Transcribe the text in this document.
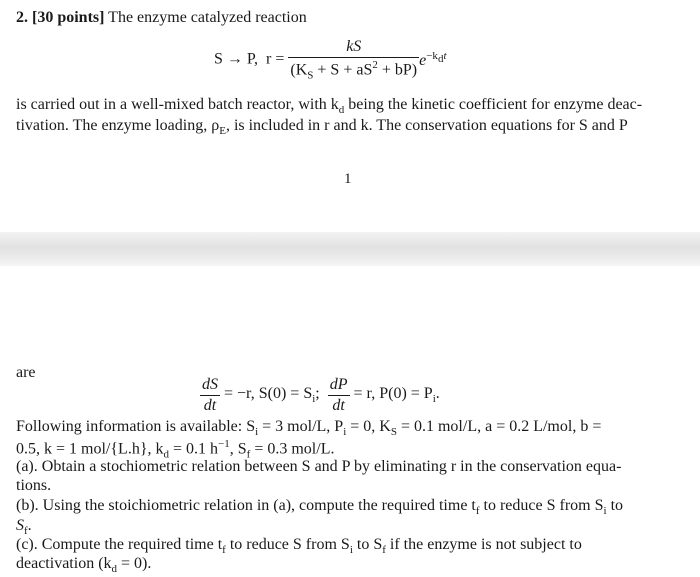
2. [30 points] The enzyme catalyzed reaction
S → P, $r = \frac{kS}{(K_S + S + aS^2 + bP)} e^{-k_dt}$
is carried out in a well-mixed batch reactor, with $k_d$ being the kinetic coefficient for enzyme deac-
tivation. The enzyme loading, $\rho_E$, is included in r and k. The conservation equations for S and P
1
are
$\frac{dS}{dt} = -r$, $S(0) = S_i$; $\frac{dP}{dt} = r$, $P(0) = P_i$.
Following information is available: $S_i = 3$ mol/L, $P_i = 0$, $K_S = 0.1$ mol/L, a = 0.2 L/mol, b =
0.5, k = 1 mol/{L.h}, $k_d = 0.1$ $h^{-1}$, $S_f = 0.3$ mol/L.
(a). Obtain a stochiometric relation between S and P by eliminating r in the conservation equa-
tions.
(b). Using the stoichiometric relation in (a), compute the required time $t_f$ to reduce S from $S_i$ to
$S_f$.
(c). Compute the required time $t_f$ to reduce S from $S_i$ to $S_f$ if the enzyme is not subject to
deactivation $(k_d = 0)$.
